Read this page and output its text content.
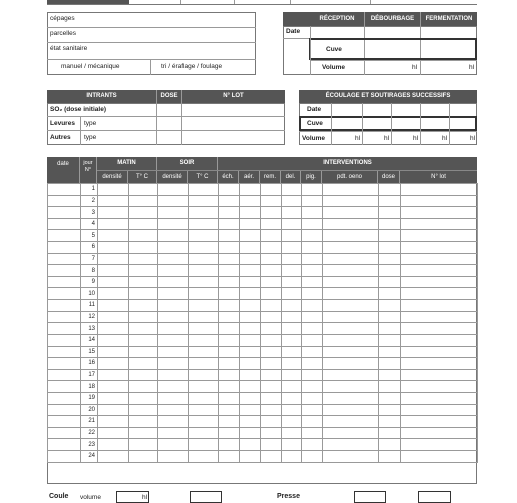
cépages
parcelles
état sanitaire
manuel / mécanique	tri / éraflage / foulage
RÉCEPTION	DÉBOURBAGE	FERMENTATION
Date
Cuve
Volume	hl	hl
INTRANTS	DOSE	N° LOT
SO₂ (dose initiale)
Levures type
Autres type
ÉCOULAGE ET SOUTIRAGES SUCCESSIFS
Date
Cuve
Volume	hl	hl	hl	hl	hl
date	jour
N°
MATIN	SOIR	INTERVENTIONS
densité	T° C	densité	T° C	éch.	aér.	rem.	del.	pig.	pdt. oeno	dose	N° lot
	1												
	2												
	3												
	4												
	5												
	6												
	7												
	8												
	9												
	10												
	11												
	12												
	13												
	14												
	15												
	16												
	17												
	18												
	19												
	20												
	21												
	22												
	23												
	24												
Coule volume	hl	Presse
